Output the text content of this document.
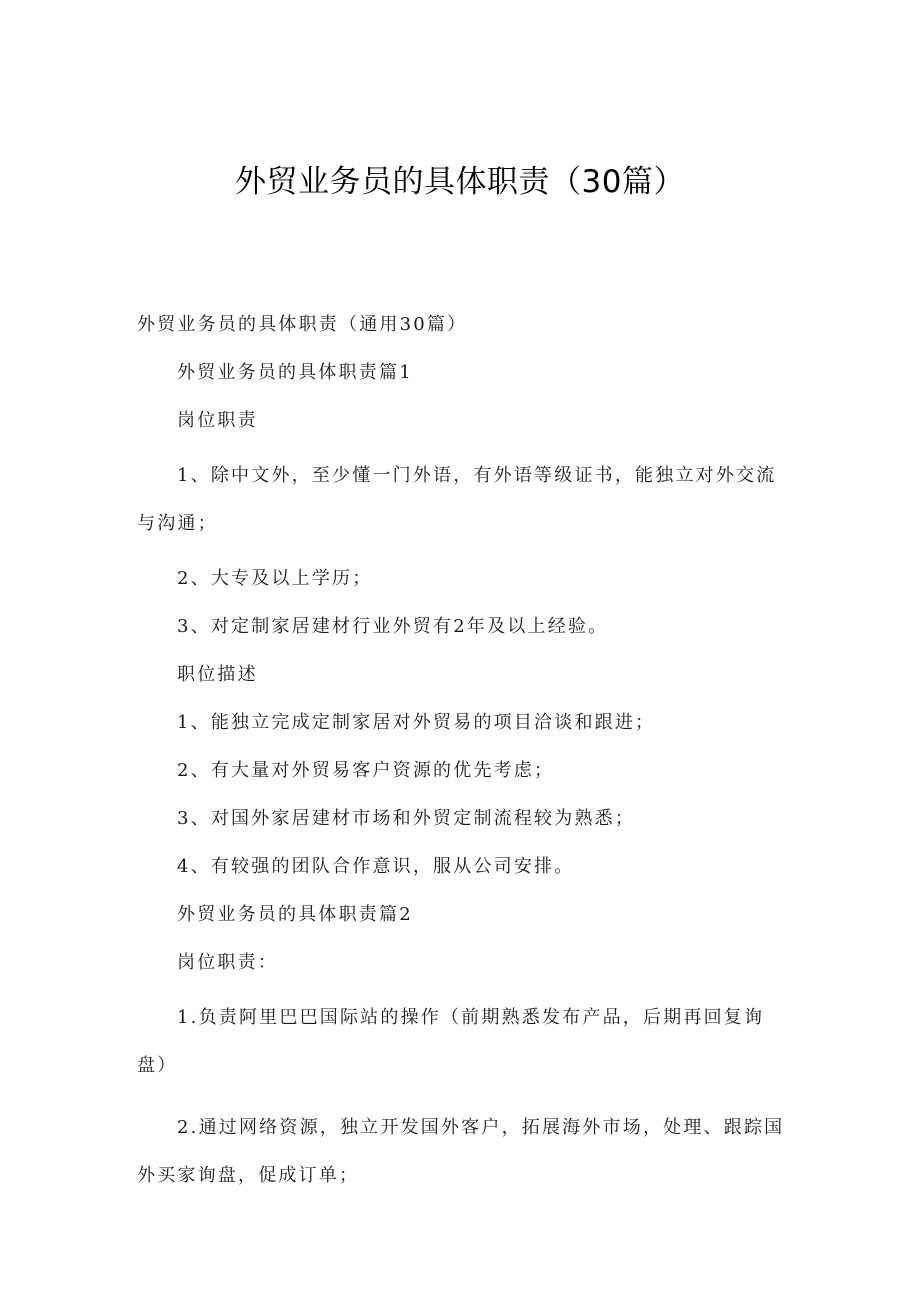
外贸业务员的具体职责（30篇）

外贸业务员的具体职责（通用30篇）

外贸业务员的具体职责篇1

岗位职责

1、除中文外，至少懂一门外语，有外语等级证书，能独立对外交流与沟通；

2、大专及以上学历；

3、对定制家居建材行业外贸有2年及以上经验。

职位描述

1、能独立完成定制家居对外贸易的项目洽谈和跟进；

2、有大量对外贸易客户资源的优先考虑；

3、对国外家居建材市场和外贸定制流程较为熟悉；

4、有较强的团队合作意识，服从公司安排。

外贸业务员的具体职责篇2

岗位职责：

1.负责阿里巴巴国际站的操作（前期熟悉发布产品，后期再回复询盘）

2.通过网络资源，独立开发国外客户，拓展海外市场，处理、跟踪国外买家询盘，促成订单；
